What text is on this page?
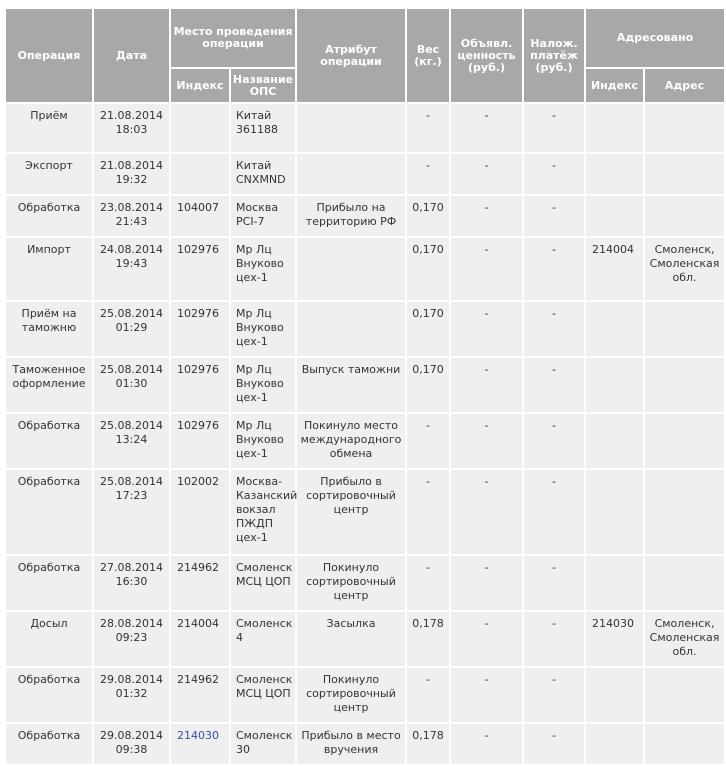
Операция	Дата	Место проведения операции		Атрибут операции	Вес (кг.)	Объявл. ценность (руб.)	Налож. платёж (руб.)	Адресовано	
		Индекс	Название ОПС					Индекс	Адрес
Приём	21.08.2014 18:03		Китай 361188		-	-	-		
Экспорт	21.08.2014 19:32		Китай CNXMND		-	-	-		
Обработка	23.08.2014 21:43	104007	Москва PCI-7	Прибыло на территорию РФ	0,170	-	-		
Импорт	24.08.2014 19:43	102976	Мр Лц Внуково цех-1		0,170	-	-	214004	Смоленск, Смоленская обл.
Приём на таможню	25.08.2014 01:29	102976	Мр Лц Внуково цех-1		0,170	-	-		
Таможенное оформление	25.08.2014 01:30	102976	Мр Лц Внуково цех-1	Выпуск таможни	0,170	-	-		
Обработка	25.08.2014 13:24	102976	Мр Лц Внуково цех-1	Покинуло место международного обмена	-	-	-		
Обработка	25.08.2014 17:23	102002	Москва-Казанский вокзал ПЖДП цех-1	Прибыло в сортировочный центр	-	-	-		
Обработка	27.08.2014 16:30	214962	Смоленск МСЦ ЦОП	Покинуло сортировочный центр	-	-	-		
Досыл	28.08.2014 09:23	214004	Смоленск 4	Засылка	0,178	-	-	214030	Смоленск, Смоленская обл.
Обработка	29.08.2014 01:32	214962	Смоленск МСЦ ЦОП	Покинуло сортировочный центр	-	-	-		
Обработка	29.08.2014 09:38	214030	Смоленск 30	Прибыло в место вручения	0,178	-	-		
